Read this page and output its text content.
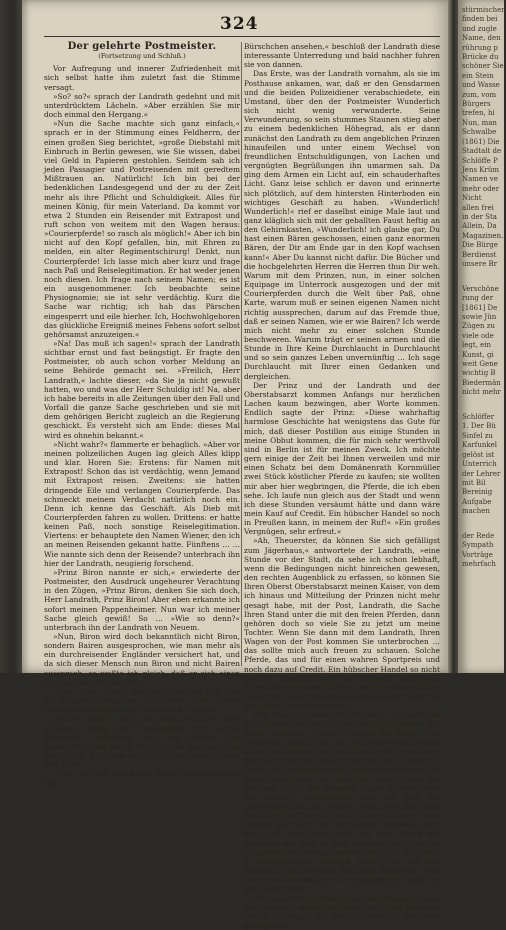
324
Der gelehrte Postmeister.
(Fortsetzung und Schluß.)

Vor Aufregung und innerer Zufriedenheit mit sich selbst hatte ihm zuletzt fast die Stimme versagt.

»So? so?« sprach der Landrath gedehnt und mit unterdrücktem Lächeln. »Aber erzählen Sie mir doch einmal den Hergang.«

»Nun die Sache machte sich ganz einfach,« sprach er in der Stimmung eines Feldherrn, der einen großen Sieg berichtet, »große Diebstahl mit Einbruch in Berlin gewesen, wie Sie wissen, dabei viel Geld in Papieren gestohlen. Seitdem sah ich jeden Passagier und Postreisenden mit geredtem Mißtrauen an. Natürlich! Ich bin bei der bedenklichen Landesgegend und der zu der Zeit mehr als ihre Pflicht und Schuldigkeit. Alles für meinen König, für mein Vaterland. Da kommt vor etwa 2 Stunden ein Reisender mit Extrapost und ruft schon von weitem mit den Wagen heraus: »Courierpferde! so rasch als möglich!« Aber ich bin nicht auf den Kopf gefallen, bin, mit Ehren zu melden, ein alter Regimentschirurg! Denkt, nun Courierpferde! Ich lasse mich aber kurz und frage nach Paß und Reiselegitimation. Er hat weder jenen noch diesen. Ich frage nach seinem Namen; es ist ein ausgenommener. Ich beobachte seine Physiognomie; sie ist sehr verdächtig. Kurz die Sache war richtig; ich hab das Pärschen eingesperrt und eile hierher. Ich, Hochwohlgeboren das glückliche Ereigniß meines Fehens sofort selbst gehörsamst anzuzeigen.«

»Na! Das muß ich sagen!« sprach der Landrath sichtbar ernst und fast beängstigt. Er fragte den Postmeister, ob auch schon vorher Meldung an seine Behörde gemacht sei. »Freilich, Herr Landrath,« lachte dieser, »da Sie ja nicht gewußt hatten, wo und was der Herr Schuldig ist! Na, aber ich habe bereits in alle Zeitungen über den Fall und Vorfall die ganze Sache geschrieben und sie mit dem gehörigen Bericht zugleich an die Regierung geschickt. Es versteht sich am Ende: dieses Mal wird es ohnehin bekannt.«

»Nicht wahr?« flammerte er behaglich. »Aber vor meinen polizeilichen Augen lag gleich Alles klipp und klar. Horen Sie: Erstens: für Namen mit Extrapost! Schon das ist verdächtig, wenn Jemand mit Extrapost reisen. Zweitens: sie hatten dringende Eile und verlangen Courierpferde. Das schmeckt meinem Verdacht natürlich noch ein. Denn ich kenne das Geschäft. Als Dieb mit Courierpferden fahren zu wollen. Drittens: er hatte keinen Paß, noch sonstige Reiselegitimation. Viertens: er behauptete den Namen Wiener, den ich an meinen Reisenden gekannt hatte. Fünftens … … Wie nannte sich denn der Reisende? unterbrach ihn hier der Landrath, neugierig forschend.

»Prinz Biron nannte er sich,« erwiederte der Postmeister, den Ausdruck ungeheurer Verachtung in den Zügen, »Prinz Biron, denken Sie sich doch, Herr Landrath, Prinz Biron! Aber eben erkannte ich sofort meinen Pappenheimer. Nun war ich meiner Sache gleich gewiß! So … »Wie so denn?« unterbrach ihn der Landrath von Neuem.

»Nun, Biron wird doch bekanntlich nicht Biron, sondern Bairen ausgesprochen, wie man mehr als ein durchreisender Engländer versichert hat, und da sich dieser Mensch nun Biron und nicht Bairen aussprach, so wußte ich gleich, daß er sich einen falschen Namen beilegte.«

»Bah! Ein!« lachte der Landrath und ließ sich nur innerem Vergnügen die Hände. »Der Grund schlägt allerdings durch! Vortrefflich! Einzig!«

»Nicht wahr?« »Ich bin nicht auf den Kopf gefallen.« sagte der Postmeister, sich selbst erfreuend. »Fünftens also, sie führten das gestohlene Geld gleich mit sich und das war doch verdächtig, kurz die Sache ist, wie gesagt, klipp und klar.«

»Nun, ich will gleich mit Ihnen fahren und mir das

Bürschchen ansehen,« beschloß der Landrath diese interessante Unterredung und bald nachher fuhren sie von dannen.

Das Erste, was der Landrath vornahm, als sie im Posthause ankamen, war, daß er den Gensdarmen und die beiden Polizeidiener verabschiedete, ein Umstand, über den der Postmeister Wunderlich sich nicht wenig verwunderte. Seine Verwunderung, so sein stummes Staunen stieg aber zu einem bedenklichen Höhegrad, als er dann zunächst den Landrath zu dem angeblichen Prinzen hinaufeilen und unter einem Wechsel von freundlichen Entschuldigungen, von Lachen und vergnügten Begrüßungen ihn umarmen sah. Da ging dem Armen ein Licht auf, ein schauderhaftes Licht. Ganz leise schlich er davon und erinnerte sich plötzlich, auf dem hintersten Hinterboden ein wichtiges Geschäft zu haben. »Wunderlich! Wunderlich!« rief er daselbst einige Male laut und ganz kläglich sich mit der geballten Faust heftig an den Gehirnkasten, »Wunderlich! ich glaube gar, Du hast einen Bären geschossen, einen ganz enormen Bären, der Dir am Ende gar in den Kopf wachsen kann!« Aber Du kannst nicht dafür. Die Bücher und die hochgelehrten Herren die Herren thun Dir weh. Warum mit dem Prinzen, nun, in einer solchen Equipage im Unterrock ausgezogen und der mit Courierpferden durch die Welt über Paß, ohne Karte, warum muß er seinen eigenen Namen nicht richtig aussprechen, darum auf das Fremde thue, daß er seinen Namen, wie er wie Bairen? Ich werde mich nicht mehr zu einer solchen Stunde beschweren. Warum trägt er seinen armen und die Stunde in Ihre Keine Durchlaucht in Durchlaucht und so sein ganzes Leben unvernünftig … Ich sage Durchlaucht mit Ihrer einen Gedanken und dergleichen.

Der Prinz und der Landrath und der Oberstabsarzt kommen Anfangs nur herzlichen Lachen kaum bezwingen, aber Worte kommen. Endlich sagte der Prinz: »Diese wahrhaftig harmlose Geschichte hat wenigstens das Gute für mich, daß dieser Postillon aus einige Stunden in meine Obhut kommen, die für mich sehr werthvoll sind in Berlin ist für meinen Zweck. Ich möchte gern einige der Zeit bei Ihnen verweilen und mir einen Schatz bei dem Domänenrath Kornmüller zwei Stück köstlicher Pferde zu kaufen; sie wollten mir aber hier wegbringen, die Pferde, die ich eben sehe. Ich laufe nun gleich aus der Stadt und wenn ich diese Stunden versäumt hätte und dann wäre mein Kauf auf Credit. Ein hübscher Handel so noch in Preußen kann, in meinem der Ruf!« »Ein großes Vergnügen, sehr erfreut.«

»Ah, Theuerster, da können Sie sich gefälligst zum Jägerhaus,« antwortete der Landrath, »eine Stunde vor der Stadt, da sehe ich schon lebhaft, wenn die Bedingungen nicht hinreichen gewesen, den rechten Augenblick zu erfassen, so können Sie Ihren Oberst Oberstabsarzt meinen Kaiser, von dem ich hinaus und Mitteilung der Prinzen nicht mehr gesagt habe, mit der Post, Landrath, die Sache Ihren Stand unter die mit den freien Pferden, dann gehören doch so viele Sie zu jetzt um meine Tochter. Wenn Sie dann mit dem Landrath, Ihren Wagen von der Post kommen Sie unterbrochen … das sollte mich auch freuen zu schauen. Solche Pferde, das und für einen wahren Sportpreis und noch dazu auf Credit. Ein hübscher Handel so nicht ob ein Preuße nun! Ein ergreift prächtiges Exemplar von einem Parvenu, der über Kornmühle; Sattel und Zaum gleich mit eingehandelt, kurz! es kann nicht besser kommen.«

»Na Punkt,« erwiederte der Prinz, »mit gebe die herzlichen Gratulation zwar vorhanden schwer der Leser; indessen, wenn's einmal im Buche des Schicksals stand, daß ich die Pferde nicht haben sollte, so gönne ich sie Ihnen am besten, nur Ihnen, den Landrath, und du bist nun das und morgen mir länger Zeit abgeben wird.« Und nun erzählte er die ganze Geschichte des gestrigen Abends und der heutigen Fahrt. Mit Stunden Lasse die freundlich die Herzen, eingehandelt, daß ein Weg die Gesellschaft aus der ganzen Welt ohne Paß ohne Extrapost und Lust und sonst sitzen die Leute ihren Lebens den Kopf mit den Herzen gewesen, sich dem und kein Kopf nicht auf sein Grund mit Extrapost mit dem zu dem Landrath, wo darunter so mancherlei Umstand gehen alles nicht im Hause in gegenwärtigen Moment, immer ein und hier Kalender und Gespräch dem dem Bewegten dann aber Aufmerksamkeit einer besonderen Sache. Er geht nicht lange.

Ihre genußreiche Fahrt ward unterbrochen durch das Geräusch einer Postchaise, die in der Richtung von W. herankam. Ein wie es schien sich gründlich gelangweilt

stürmischen
finden bei
und zugle
Name, den
rührung p
Brücke du
schöner Sie
ein Stein
und Wasse
zum, vom
Bürgers
trefen, hi
Nun, man
Schwalbe
(1861) Die
Stadtalt de
Schlöffe P
Jens Krüm
Namen ve
mehr oder
Nicht
allen frei
in der Sta
Allein, Da
Magazinen.
Die Bürge
Berdienst
unsere Br

Verschöne
rung der
[1861] De
sowie Jün
Zügen zu
viele ode
legt, ein
Kunst, gi
weit Gene
wichtig B
Biedermän
nicht mehr

Schlöffer
1. Der Bü
Sinfel zu
Karfunkel
gelöst ist
Unterrich
der Lehrer
mit Bil
Bereinig
Aufgabe
machen

der Rede
Sympath
Vorträge
mehrfach
